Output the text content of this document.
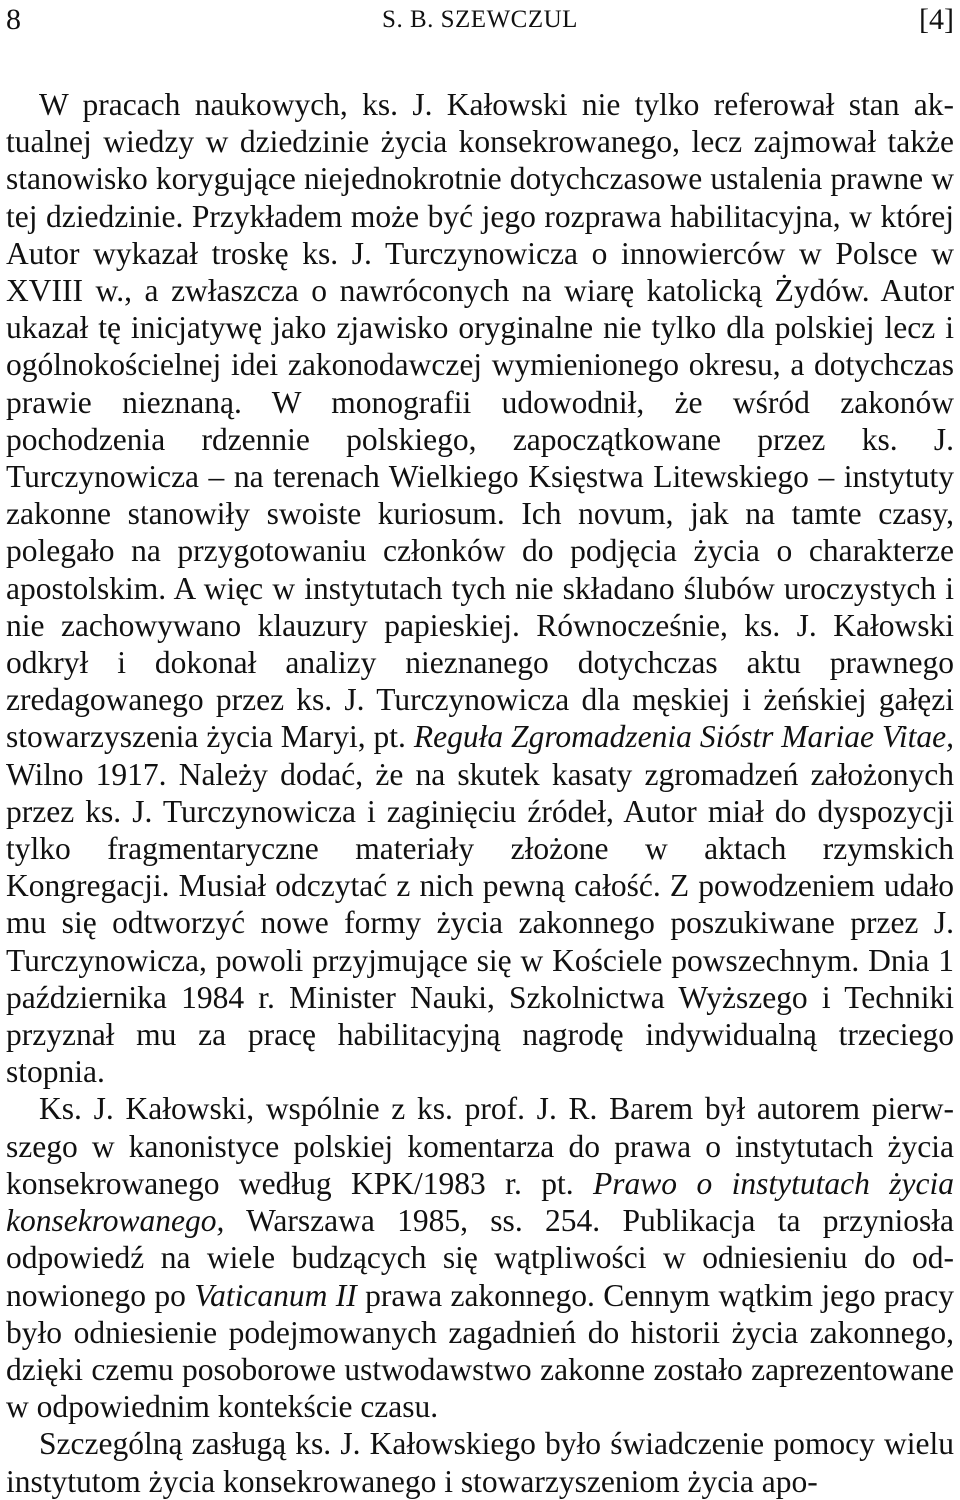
8	S. B. SZEWCZUL	[4]

W pracach naukowych, ks. J. Kałowski nie tylko referował stan aktualnej wiedzy w dziedzinie życia konsekrowanego, lecz zajmował także stanowisko korygujące niejednokrotnie dotychczasowe ustalenia prawne w tej dziedzinie. Przykładem może być jego rozprawa habilitacyjna, w której Autor wykazał troskę ks. J. Turczynowicza o innowierców w Polsce w XVIII w., a zwłaszcza o nawróconych na wiarę katolicką Żydów. Autor ukazał tę inicjatywę jako zjawisko oryginalne nie tylko dla polskiej lecz i ogólnokościelnej idei zakonodawczej wymienionego okresu, a dotychczas prawie nieznaną. W monografii udowodnił, że wśród zakonów pochodzenia rdzennie polskiego, zapoczątkowane przez ks. J. Turczynowicza – na terenach Wielkiego Księstwa Litewskiego – instytuty zakonne stanowiły swoiste kuriosum. Ich novum, jak na tamte czasy, polegało na przygotowaniu członków do podjęcia życia o charakterze apostolskim. A więc w instytutach tych nie składano ślubów uroczystych i nie zachowywano klauzury papieskiej. Równocześnie, ks. J. Kałowski odkrył i dokonał analizy nieznanego dotychczas aktu prawnego zredagowanego przez ks. J. Turczynowicza dla męskiej i żeńskiej gałęzi stowarzyszenia życia Maryi, pt. Reguła Zgromadzenia Sióstr Mariae Vitae, Wilno 1917. Należy dodać, że na skutek kasaty zgromadzeń założonych przez ks. J. Turczynowicza i zaginięciu źródeł, Autor miał do dyspozycji tylko fragmentaryczne materiały złożone w aktach rzymskich Kongregacji. Musiał odczytać z nich pewną całość. Z powodzeniem udało mu się odtworzyć nowe formy życia zakonnego poszukiwane przez J. Turczynowicza, powoli przyjmujące się w Kościele powszechnym. Dnia 1 października 1984 r. Minister Nauki, Szkolnictwa Wyższego i Techniki przyznał mu za pracę habilitacyjną nagrodę indywidualną trzeciego stopnia.

Ks. J. Kałowski, wspólnie z ks. prof. J. R. Barem był autorem pierwszego w kanonistyce polskiej komentarza do prawa o instytutach życia konsekrowanego według KPK/1983 r. pt. Prawo o instytutach życia konsekrowanego, Warszawa 1985, ss. 254. Publikacja ta przyniosła odpowiedź na wiele budzących się wątpliwości w odniesieniu do odnowionego po Vaticanum II prawa zakonnego. Cennym wątkim jego pracy było odniesienie podejmowanych zagadnień do historii życia zakonnego, dzięki czemu posoborowe ustwodawstwo zakonne zostało zaprezentowane w odpowiednim kontekście czasu.

Szczególną zasługą ks. J. Kałowskiego było świadczenie pomocy wielu instytutom życia konsekrowanego i stowarzyszeniom życia apo-
